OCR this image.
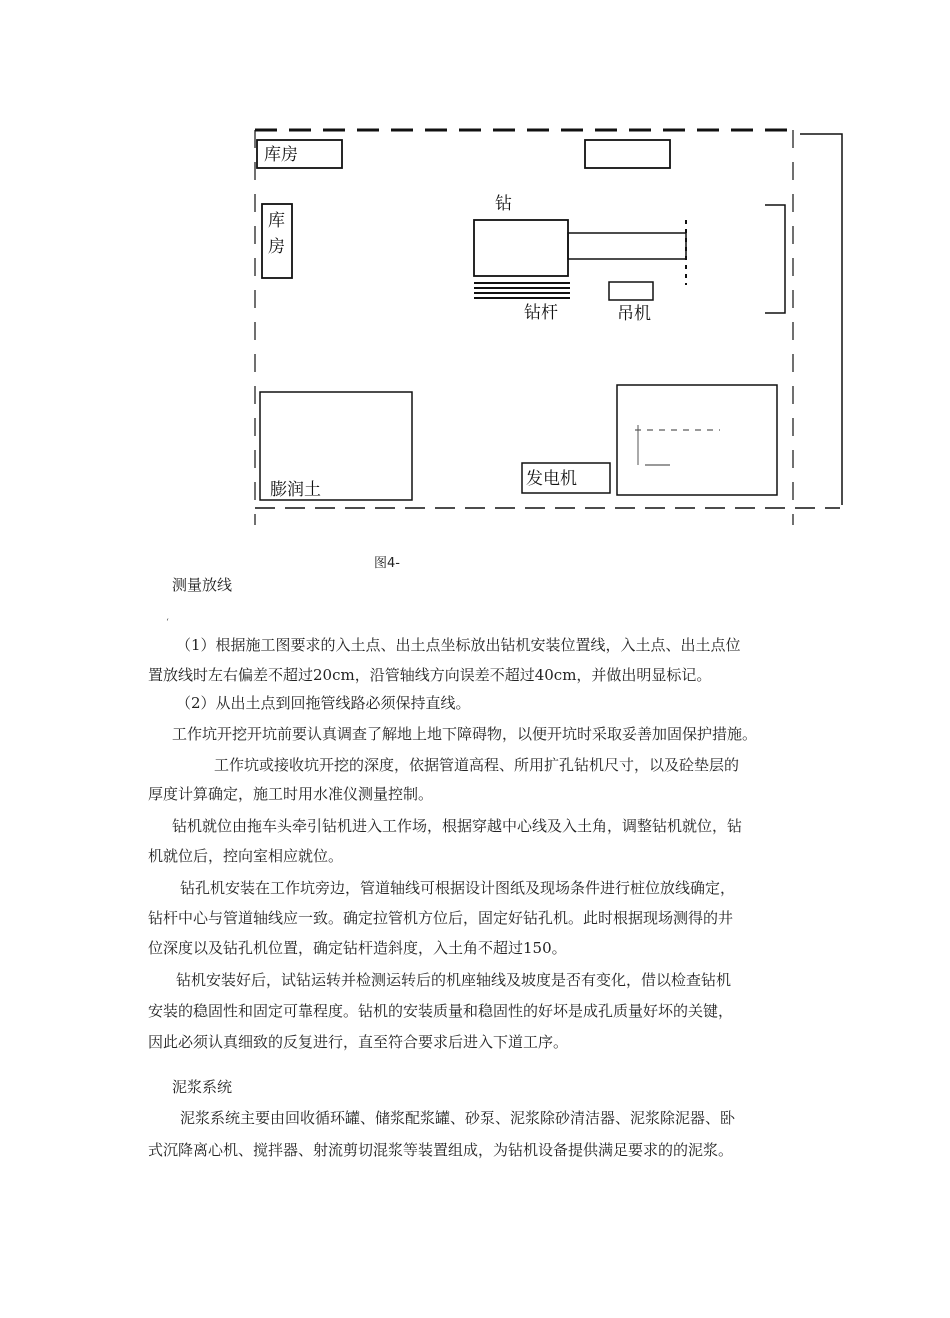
库房
库房
钻
钻杆	吊机
膨润土
发电机
图4-
测量放线
‘
（1）根据施工图要求的入土点、出土点坐标放出钻机安装位置线，入土点、出土点位
置放线时左右偏差不超过20cm，沿管轴线方向误差不超过40cm，并做出明显标记。
（2）从出土点到回拖管线路必须保持直线。
工作坑开挖开坑前要认真调查了解地上地下障碍物，以便开坑时采取妥善加固保护措施。
工作坑或接收坑开挖的深度，依据管道高程、所用扩孔钻机尺寸，以及砼垫层的
厚度计算确定，施工时用水准仪测量控制。
钻机就位由拖车头牵引钻机进入工作场，根据穿越中心线及入土角，调整钻机就位，钻
机就位后，控向室相应就位。
钻孔机安装在工作坑旁边，管道轴线可根据设计图纸及现场条件进行桩位放线确定，
钻杆中心与管道轴线应一致。确定拉管机方位后，固定好钻孔机。此时根据现场测得的井
位深度以及钻孔机位置，确定钻杆造斜度，入土角不超过150。
钻机安装好后，试钻运转并检测运转后的机座轴线及坡度是否有变化，借以检查钻机
安装的稳固性和固定可靠程度。钻机的安装质量和稳固性的好坏是成孔质量好坏的关键，
因此必须认真细致的反复进行，直至符合要求后进入下道工序。
泥浆系统
泥浆系统主要由回收循环罐、储浆配浆罐、砂泵、泥浆除砂清洁器、泥浆除泥器、卧
式沉降离心机、搅拌器、射流剪切混浆等装置组成，为钻机设备提供满足要求的的泥浆。
